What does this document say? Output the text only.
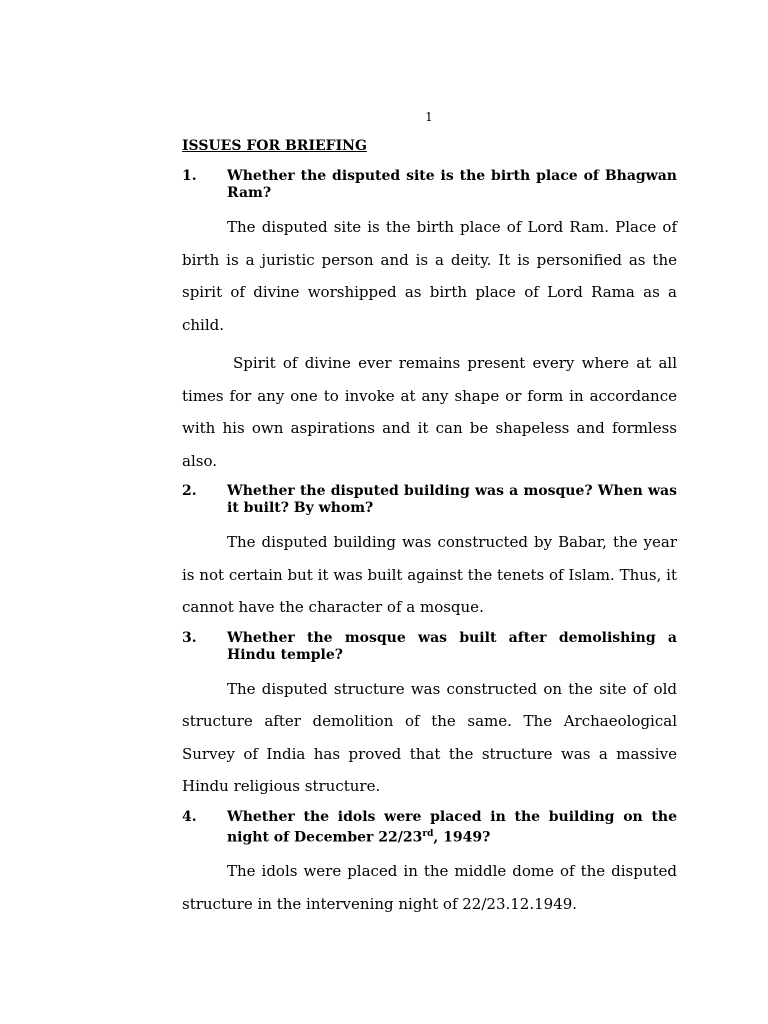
1
ISSUES FOR BRIEFING
1.	Whether the disputed site is the birth place of Bhagwan Ram?

The disputed site is the birth place of Lord Ram. Place of birth is a juristic person and is a deity. It is personified as the spirit of divine worshipped as birth place of Lord Rama as a child.

Spirit of divine ever remains present every where at all times for any one to invoke at any shape or form in accordance with his own aspirations and it can be shapeless and formless also.

2.	Whether the disputed building was a mosque? When was it built? By whom?

The disputed building was constructed by Babar, the year is not certain but it was built against the tenets of Islam. Thus, it cannot have the character of a mosque.

3.	Whether the mosque was built after demolishing a Hindu temple?

The disputed structure was constructed on the site of old structure after demolition of the same. The Archaeological Survey of India has proved that the structure was a massive Hindu religious structure.

4.	Whether the idols were placed in the building on the night of December 22/23rd, 1949?

The idols were placed in the middle dome of the disputed structure in the intervening night of 22/23.12.1949.
